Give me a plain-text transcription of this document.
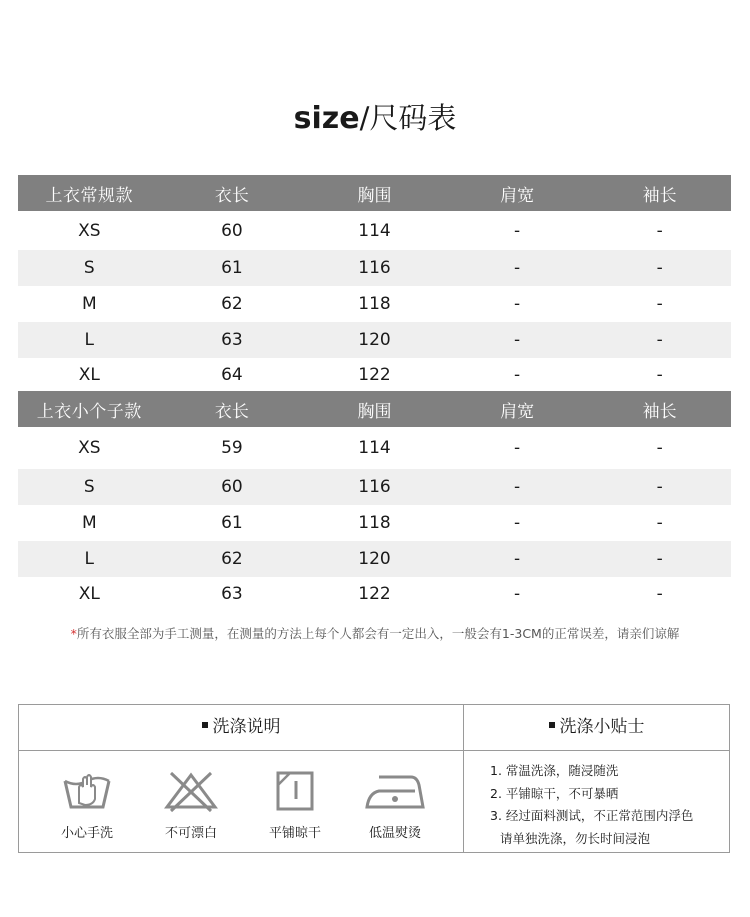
size/尺码表
上衣常规款	衣长	胸围	肩宽	袖长
XS	60	114	-	-
S	61	116	-	-
M	62	118	-	-
L	63	120	-	-
XL	64	122	-	-
上衣小个子款	衣长	胸围	肩宽	袖长
XS	59	114	-	-
S	60	116	-	-
M	61	118	-	-
L	62	120	-	-
XL	63	122	-	-
*所有衣服全部为手工测量，在测量的方法上每个人都会有一定出入，一般会有1-3CM的正常误差，请亲们谅解
洗涤说明	洗涤小贴士
小心手洗	不可漂白	平铺晾干	低温熨烫
1. 常温洗涤，随浸随洗
2. 平铺晾干，不可暴晒
3. 经过面料测试，不正常范围内浮色
请单独洗涤，勿长时间浸泡
